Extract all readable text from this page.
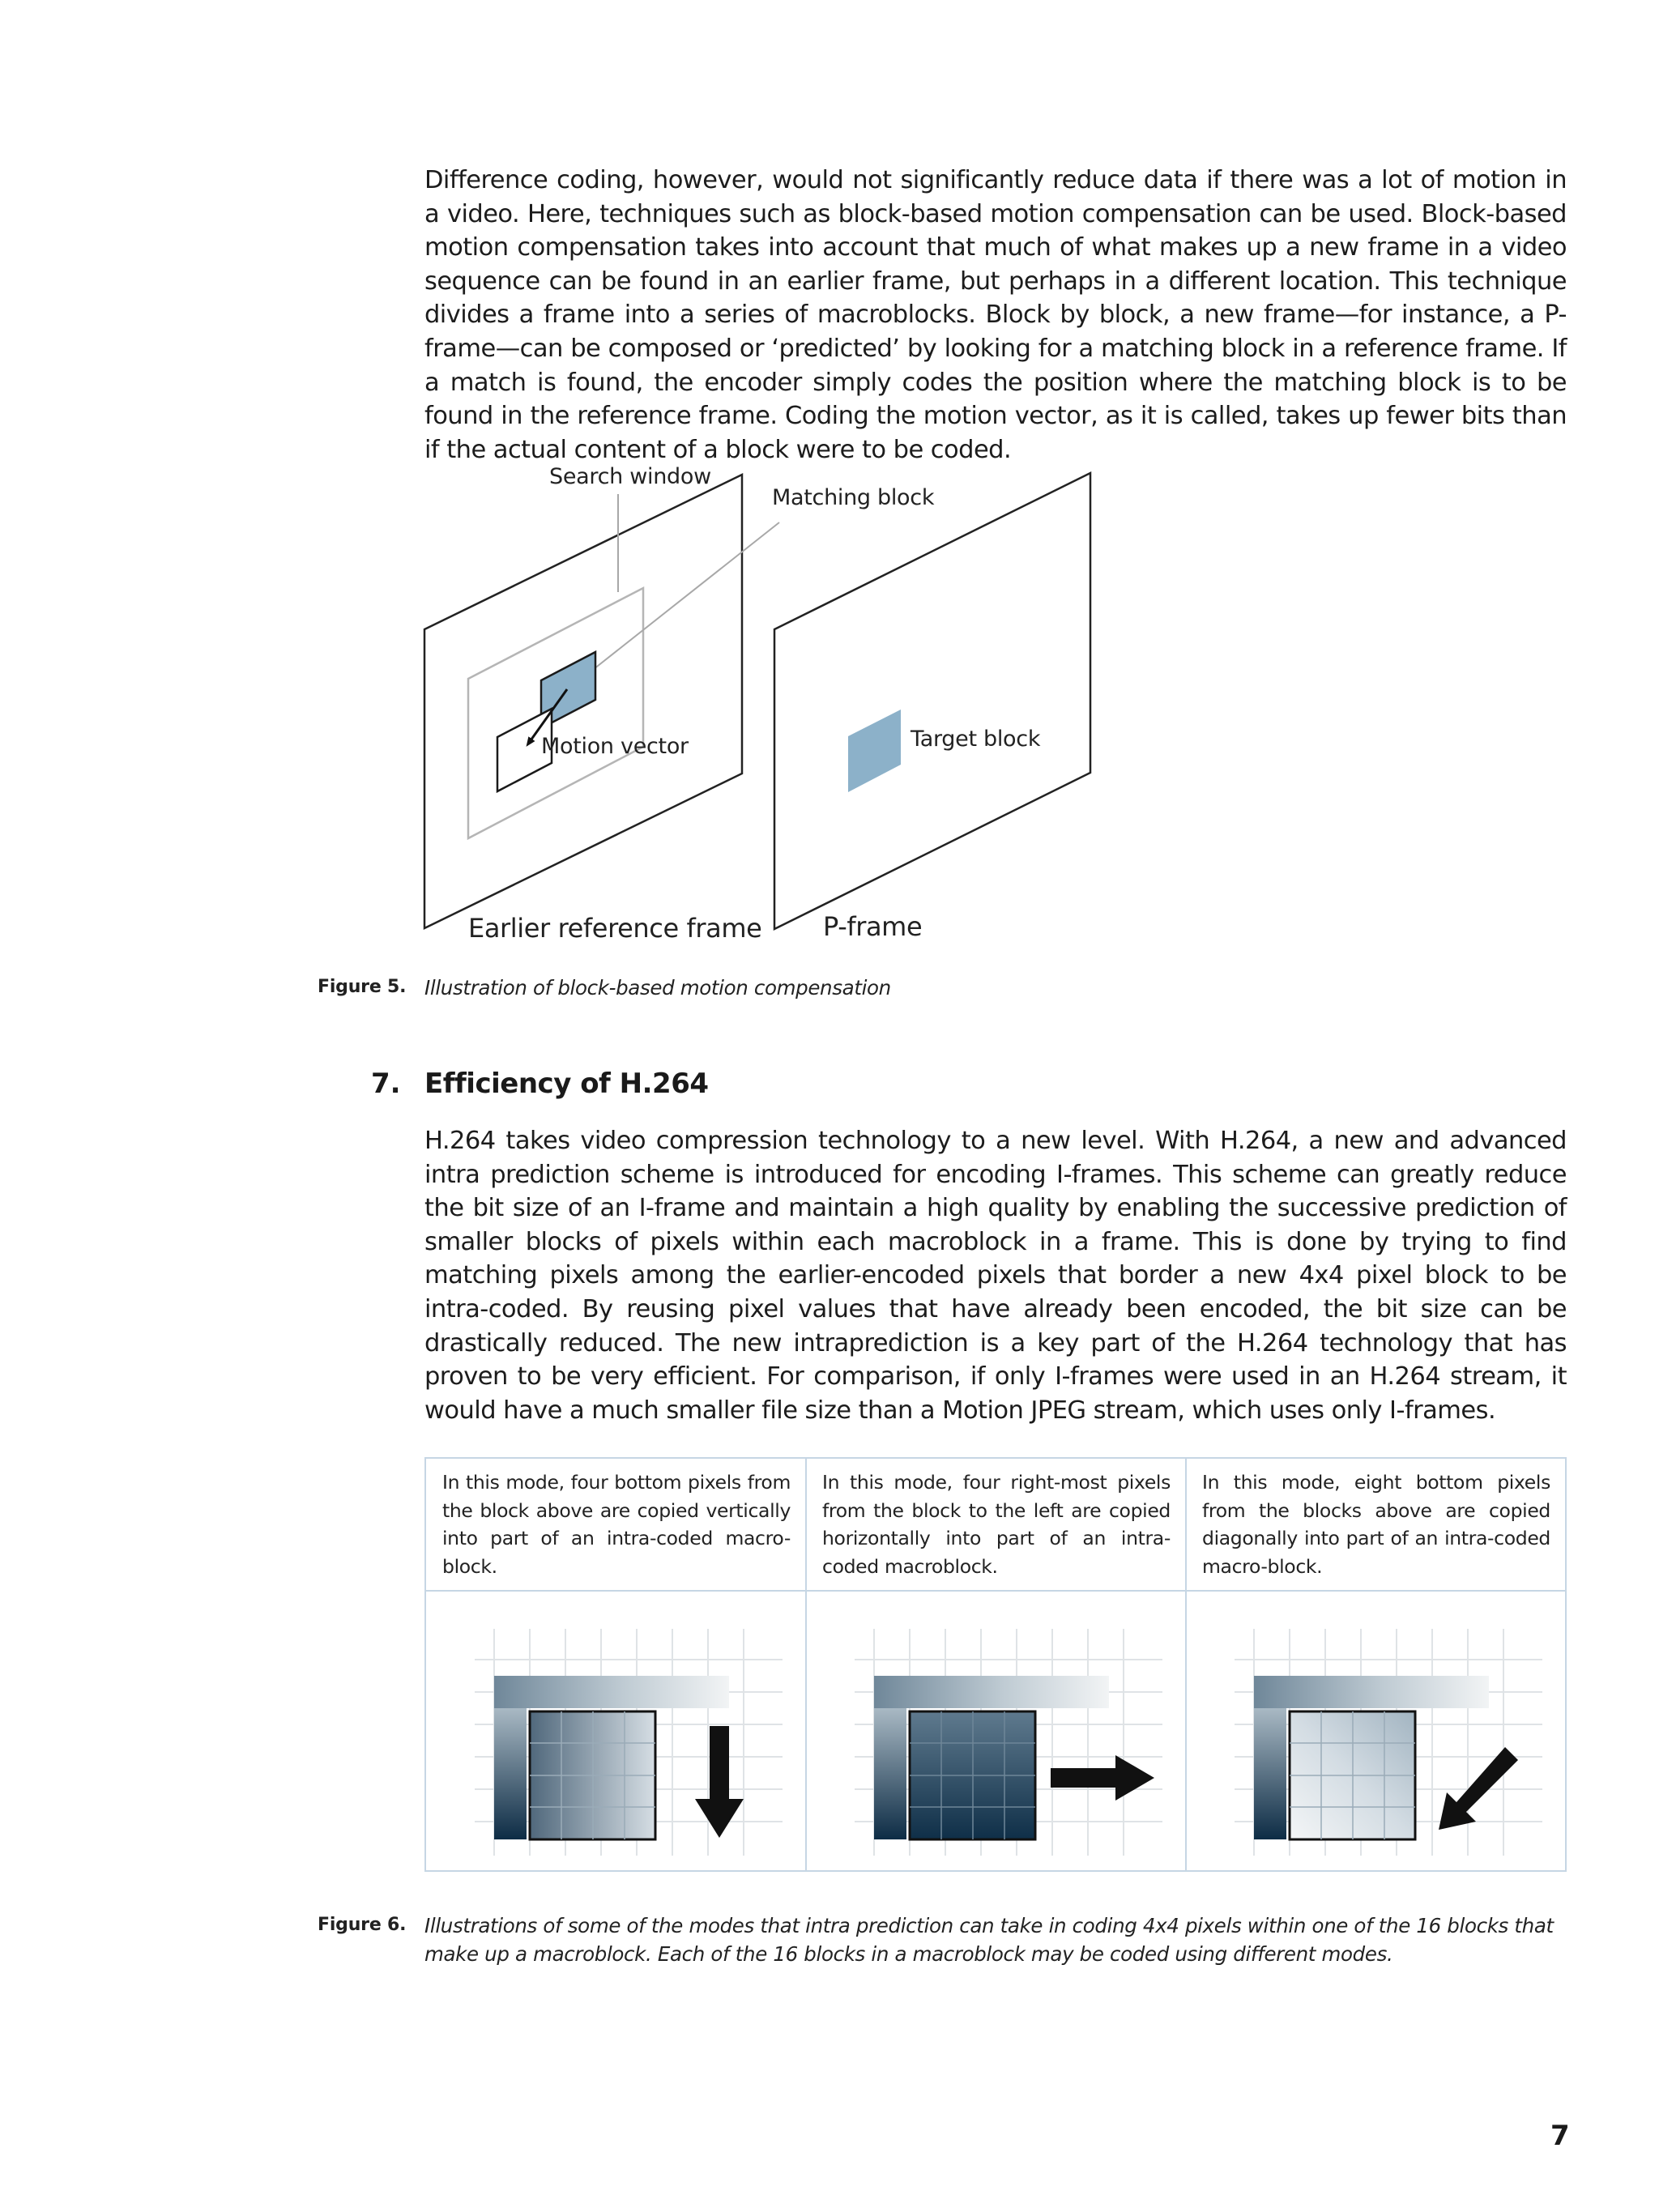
Difference coding, however, would not significantly reduce data if there was a lot of motion in a video. Here, techniques such as block-based motion compensation can be used. Block-based motion compensation takes into account that much of what makes up a new frame in a video sequence can be found in an earlier frame, but perhaps in a different location. This technique divides a frame into a series of macroblocks. Block by block, a new frame—for instance, a P-frame—can be composed or ‘predicted’ by looking for a matching block in a reference frame. If a match is found, the encoder simply codes the position where the matching block is to be found in the reference frame. Coding the motion vector, as it is called, takes up fewer bits than if the actual content of a block were to be coded.

Search window
Matching block
Motion vector	Target block
Earlier reference frame P-frame
Figure 5. Illustration of block-based motion compensation
7. Efficiency of H.264

H.264 takes video compression technology to a new level. With H.264, a new and advanced intra prediction scheme is introduced for encoding I-frames. This scheme can greatly reduce the bit size of an I-frame and maintain a high quality by enabling the successive prediction of smaller blocks of pixels within each macroblock in a frame. This is done by trying to find matching pixels among the earlier-encoded pixels that border a new 4x4 pixel block to be intra-coded. By reusing pixel values that have already been encoded, the bit size can be drastically reduced. The new intraprediction is a key part of the H.264 technology that has proven to be very efficient. For comparison, if only I-frames were used in an H.264 stream, it would have a much smaller file size than a Motion JPEG stream, which uses only I-frames.

In this mode, four bottom pixels from the block above are copied vertically into part of an intra-coded macro-block.
In this mode, four right-most pixels from the block to the left are copied horizontally into part of an intra-coded macroblock.
In this mode, eight bottom pixels from the blocks above are copied diagonally into part of an intra-coded macro-block.
Figure 6. Illustrations of some of the modes that intra prediction can take in coding 4x4 pixels within one of the 16 blocks that make up a macroblock. Each of the 16 blocks in a macroblock may be coded using different modes.
7
